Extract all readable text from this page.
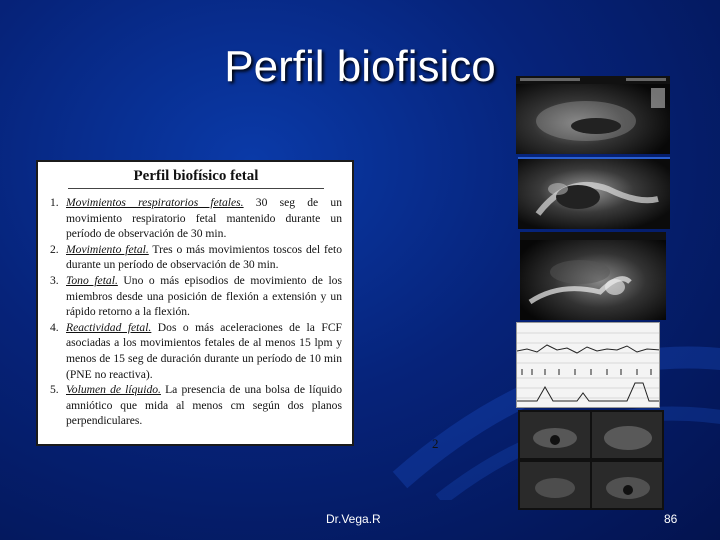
Perfil biofisico
Perfil biofísico fetal
1. Movimientos respiratorios fetales. 30 seg de un movimiento respiratorio fetal mantenido durante un período de observación de 30 min.
2. Movimiento fetal. Tres o más movimientos toscos del feto durante un período de observación de 30 min.
3. Tono fetal. Uno o más episodios de movimiento de los miembros desde una posición de flexión a extensión y un rápido retorno a la flexión.
4. Reactividad fetal. Dos o más aceleraciones de la FCF asociadas a los movimientos fetales de al menos 15 lpm y menos de 15 seg de duración durante un período de 10 min (PNE no reactiva).
5. Volumen de líquido. La presencia de una bolsa de líquido amniótico que mida al menos cm según dos planos perpendiculares.
2
Dr.Vega.R	86
